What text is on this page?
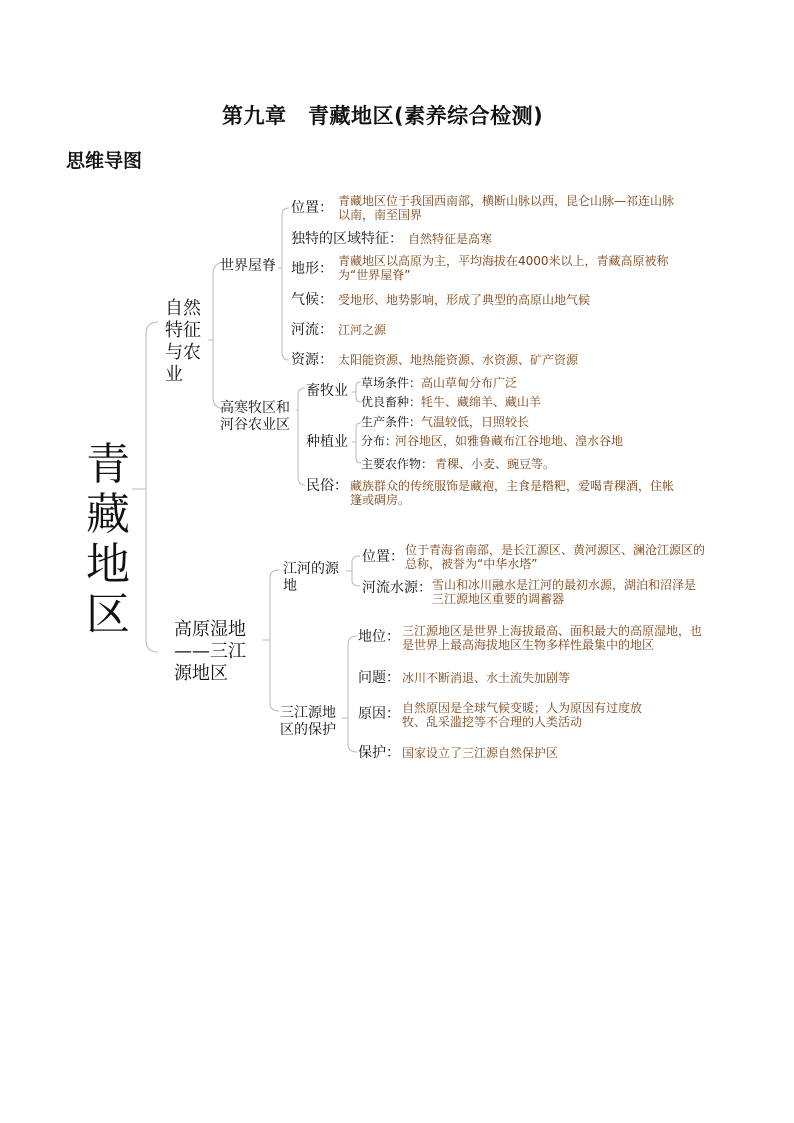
第九章　青藏地区(素养综合检测)
思维导图
青藏地区
自然特征与农业
世界屋脊
位置： 青藏地区位于我国西南部，横断山脉以西，昆仑山脉—祁连山脉以南，南至国界
独特的区域特征： 自然特征是高寒
地形： 青藏地区以高原为主，平均海拔在4000米以上，青藏高原被称为“世界屋脊”
气候： 受地形、地势影响，形成了典型的高原山地气候
河流： 江河之源
资源： 太阳能资源、地热能资源、水资源、矿产资源
高寒牧区和河谷农业区
畜牧业 草场条件： 高山草甸分布广泛
优良畜种： 牦牛、藏绵羊、藏山羊
种植业
生产条件： 气温较低，日照较长
分布：
河谷地区，如雅鲁藏布江谷地地、湟水谷地
主要农作物： 青稞、小麦、豌豆等。
民俗： 藏族群众的传统服饰是藏袍，主食是糌粑，爱喝青稞酒，住帐篷或碉房。
高原湿地——三江源地区
江河的源地
位置： 位于青海省南部，是长江源区、黄河源区、澜沧江源区的总称，被誉为“中华水塔”
河流水源： 雪山和冰川融水是江河的最初水源，湖泊和沼泽是三江源地区重要的调蓄器
三江源地区的保护
地位： 三江源地区是世界上海拔最高、面积最大的高原湿地，也是世界上最高海拔地区生物多样性最集中的地区
问题： 冰川不断消退、水土流失加剧等
原因： 自然原因是全球气候变暖；人为原因有过度放牧、乱采滥挖等不合理的人类活动
保护： 国家设立了三江源自然保护区
